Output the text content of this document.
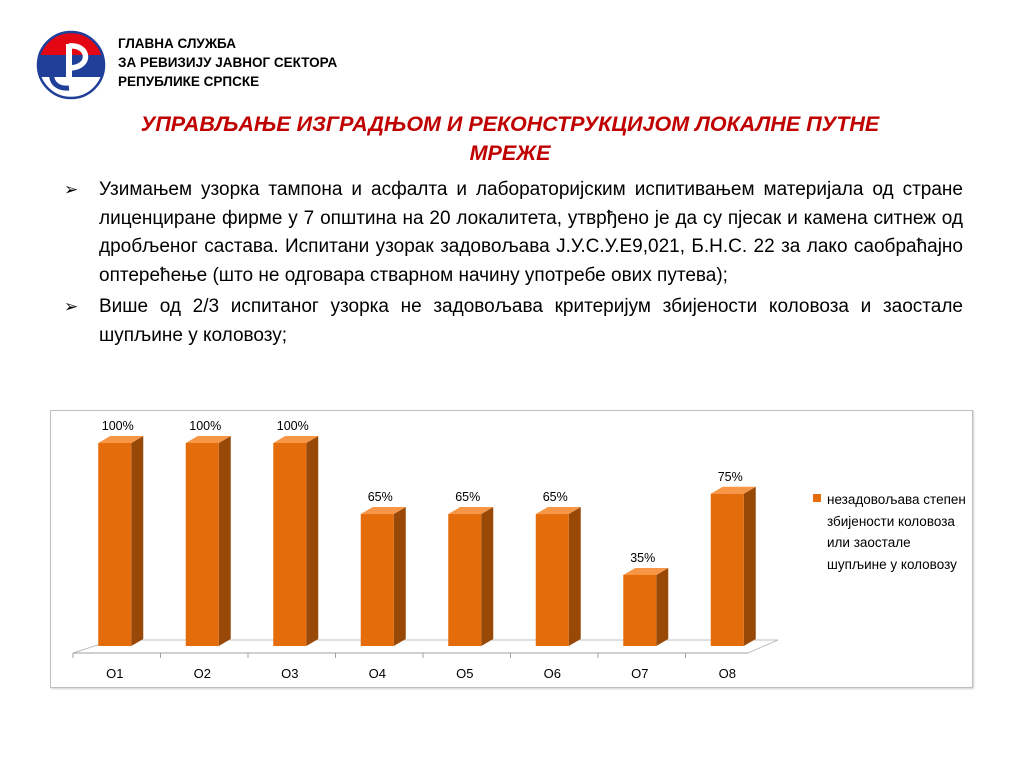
ГЛАВНА СЛУЖБА
ЗА РЕВИЗИЈУ ЈАВНОГ СЕКТОРА
РЕПУБЛИКЕ СРПСКЕ
УПРАВЉАЊЕ ИЗГРАДЊОМ И РЕКОНСТРУКЦИЈОМ ЛОКАЛНЕ ПУТНЕ
МРЕЖЕ
➢ Узимањем узорка тампона и асфалта и лабораторијским испитивањем материјала од стране лиценциране фирме у 7 општина на 20 локалитета, утврђено је да су пјесак и камена ситнеж од дробљеног састава. Испитани узорак задовољава Ј.У.С.У.Е9,021, Б.Н.С. 22 за лако саобраћајно оптерећење (што не одговара стварном начину употребе ових путева);
➢ Више од 2/3 испитаног узорка не задовољава критеријум збијености коловоза и заостале шупљине у коловозу;
100%
O1
100%
O2
100%
O3
65%
O4
65%
O5
65%
O6
35%
O7
75%
O8
незадовољава степен збијености коловоза или заостале шупљине у коловозу
